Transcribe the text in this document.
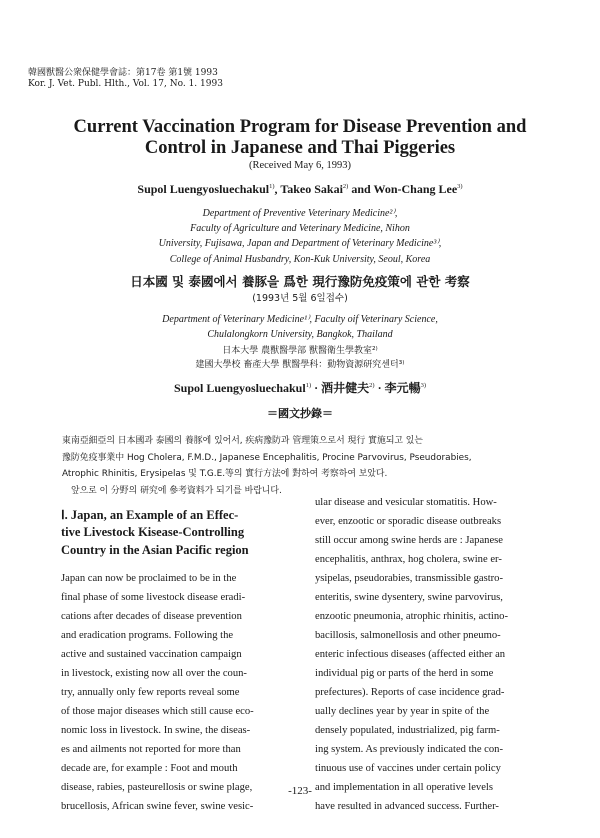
韓國獸醫公衆保健學會誌：第17卷 第1號 1993
Kor. J. Vet. Publ. Hlth., Vol. 17, No. 1. 1993
Current Vaccination Program for Disease Prevention and
Control in Japanese and Thai Piggeries
(Received May 6, 1993)
Supol Luengyosluechakul$^{1)}$, Takeo Sakai$^{2)}$ and Won-Chang Lee$^{3)}$
Department of Preventive Veterinary Medicine²⁾,
Faculty of Agriculture and Veterinary Medicine, Nihon
University, Fujisawa, Japan and Department of Veterinary Medicine³⁾,
College of Animal Husbandry, Kon-Kuk University, Seoul, Korea
日本國 및 泰國에서 養豚을 爲한 現行豫防免疫策에 관한 考察
(1993년 5월 6일접수)
Department of Veterinary Medicine¹⁾, Faculty oif Veterinary Science,
Chulalongkorn University, Bangkok, Thailand
日本大學 農獸醫學部 獸醫衛生學教室²⁾
建國大學校 畜產大學 獸醫學科：動物資源研究센터³⁾
Supol Luengyosluechakul$^{1)}$ · 酒井健夫$^{2)}$ · 李元暢$^{3)}$
＝國文抄錄＝
東南亞細亞의 日本國과 泰國의 養豚에 있어서, 疾病豫防과 管理策으로서 現行 實施되고 있는
豫防免疫事業中 Hog Cholera, F.M.D., Japanese Encephalitis, Procine Parvovirus, Pseudorabies,
Atrophic Rhinitis, Erysipelas 및 T.G.E.等의 實行方法에 對하여 考察하여 보았다.
앞으로 이 分野의 研究에 參考資料가 되기를 바랍니다.
Ⅰ. Japan, an Example of an Effec-
tive Livestock Kisease-Controlling
Country in the Asian Pacific region
Japan can now be proclaimed to be in the
final phase of some livestock disease eradi-
cations after decades of disease prevention
and eradication programs. Following the
active and sustained vaccination campaign
in livestock, existing now all over the coun-
try, annually only few reports reveal some
of those major diseases which still cause eco-
nomic loss in livestock. In swine, the diseas-
es and ailments not reported for more than
decade are, for example : Foot and mouth
disease, rabies, pasteurellosis or swine plage,
brucellosis, African swine fever, swine vesic-
ular disease and vesicular stomatitis. How-
ever, enzootic or sporadic disease outbreaks
still occur among swine herds are : Japanese
encephalitis, anthrax, hog cholera, swine er-
ysipelas, pseudorabies, transmissible gastro-
enteritis, swine dysentery, swine parvovirus,
enzootic pneumonia, atrophic rhinitis, actino-
bacillosis, salmonellosis and other pneumo-
enteric infectious diseases (affected either an
individual pig or parts of the herd in some
prefectures). Reports of case incidence grad-
ually declines year by year in spite of the
densely populated, industrialized, pig farm-
ing system. As previously indicated the con-
tinuous use of vaccines under certain policy
and implementation in all operative levels
have resulted in advanced success. Further-
-123-
